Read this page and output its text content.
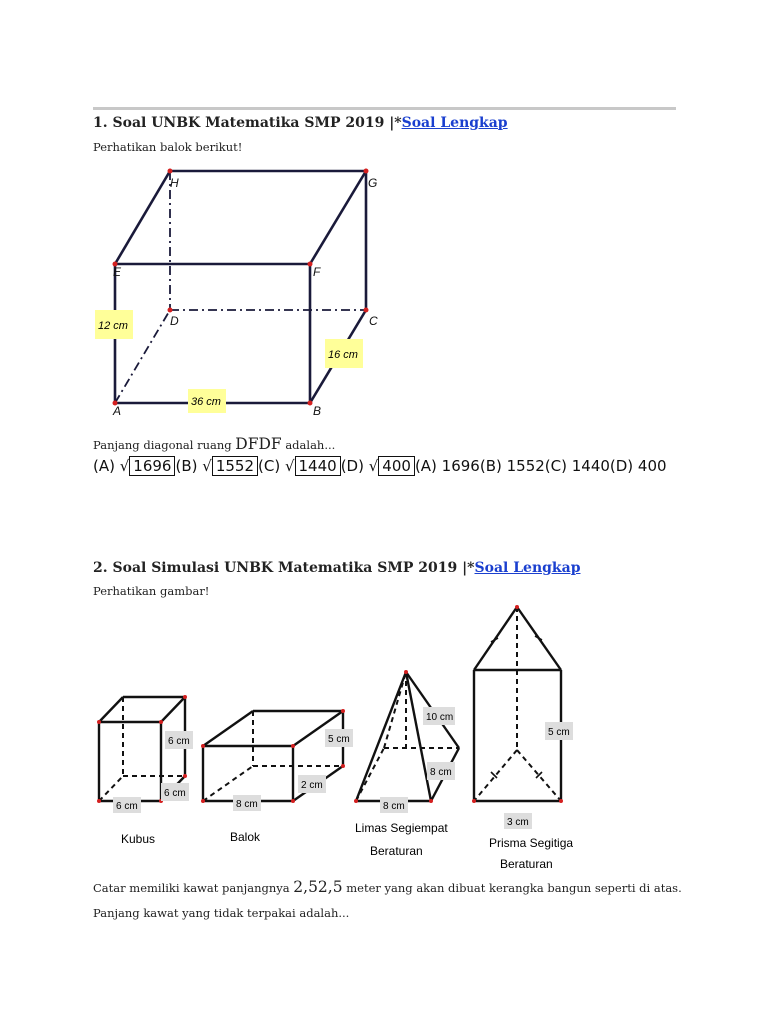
1. Soal UNBK Matematika SMP 2019 |*Soal Lengkap
Perhatikan balok berikut!
H	G
E	F
D	C
A	B
12 cm
16 cm
36 cm
Panjang diagonal ruang DFDF adalah...
(A) √ 1696 (B) √ 1552 (C) √ 1440 (D) √ 400 (A) 1696(B) 1552(C) 1440(D) 400
2. Soal Simulasi UNBK Matematika SMP 2019 |*Soal Lengkap
Perhatikan gambar!
6 cm
6 cm
6 cm
Kubus
5 cm
2 cm
8 cm
Balok
10 cm
8 cm
8 cm
Limas Segiempat
Beraturan
5 cm
3 cm
Prisma Segitiga
Beraturan
Catar memiliki kawat panjangnya 2,52,5 meter yang akan dibuat kerangka bangun seperti di atas.
Panjang kawat yang tidak terpakai adalah...
